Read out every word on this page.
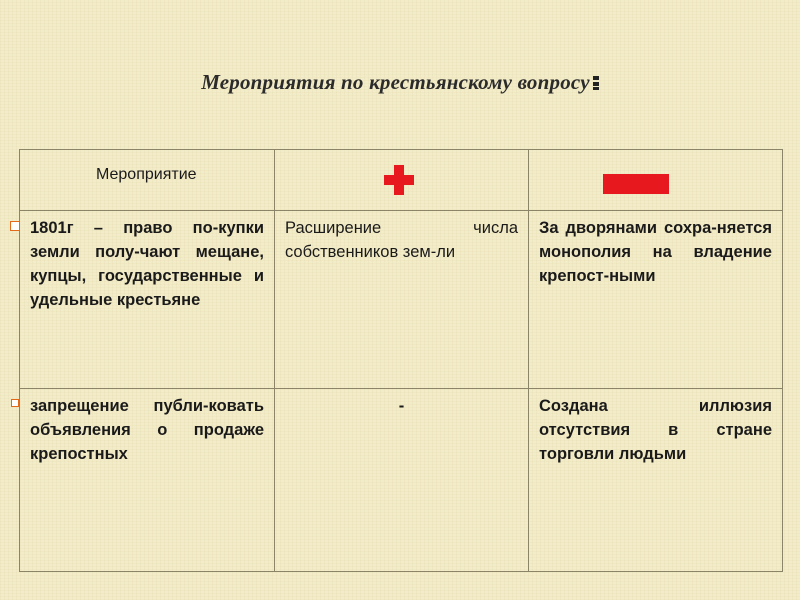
Мероприятия по крестьянскому вопросу
Мероприятие		

1801г – право по-купки земли полу-чают мещане, купцы, государственные и удельные крестьяне	Расширение числа собственников зем-ли	За дворянами сохра-няется монополия на владение крепост-ными

запрещение публи-ковать объявления о продаже крепостных	-	Создана иллюзия отсутствия в стране торговли людьми
